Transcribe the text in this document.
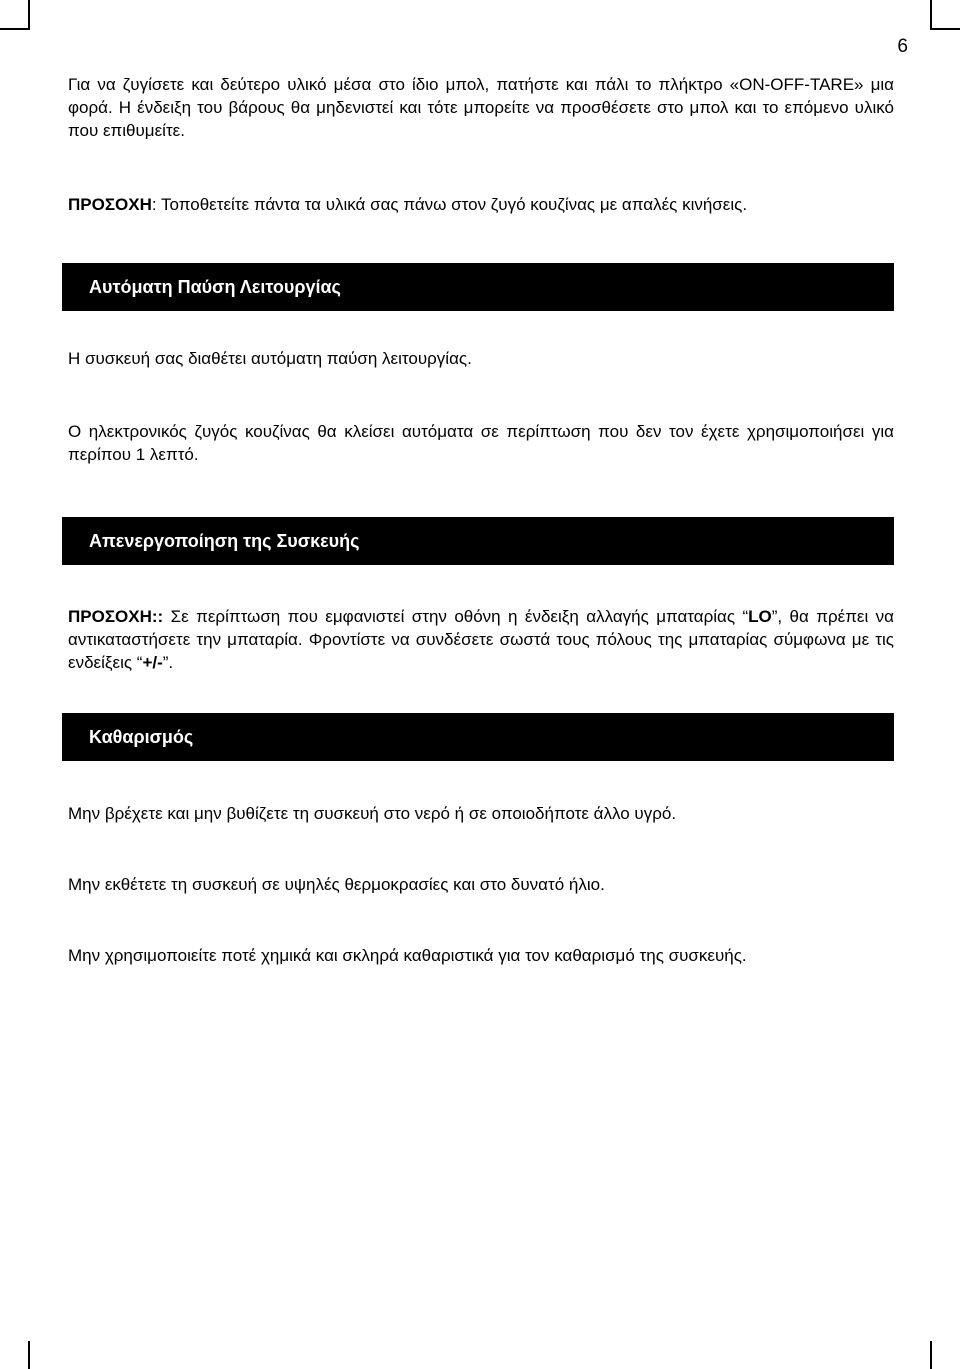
6

Για να ζυγίσετε και δεύτερο υλικό μέσα στο ίδιο μπολ, πατήστε και πάλι το πλήκτρο «ON-OFF-TARE» μια φορά. Η ένδειξη του βάρους θα μηδενιστεί και τότε μπορείτε να προσθέσετε στο μπολ και το επόμενο υλικό που επιθυμείτε.

ΠΡΟΣΟΧΗ: Τοποθετείτε πάντα τα υλικά σας πάνω στον ζυγό κουζίνας με απαλές κινήσεις.

Αυτόματη Παύση Λειτουργίας

Η συσκευή σας διαθέτει αυτόματη παύση λειτουργίας.

Ο ηλεκτρονικός ζυγός κουζίνας θα κλείσει αυτόματα σε περίπτωση που δεν τον έχετε χρησιμοποιήσει για περίπου 1 λεπτό.

Απενεργοποίηση της Συσκευής

ΠΡΟΣΟΧΗ:: Σε περίπτωση που εμφανιστεί στην οθόνη η ένδειξη αλλαγής μπαταρίας “LO”, θα πρέπει να αντικαταστήσετε την μπαταρία. Φροντίστε να συνδέσετε σωστά τους πόλους της μπαταρίας σύμφωνα με τις ενδείξεις “+/-”.

Καθαρισμός

Μην βρέχετε και μην βυθίζετε τη συσκευή στο νερό ή σε οποιοδήποτε άλλο υγρό.

Μην εκθέτετε τη συσκευή σε υψηλές θερμοκρασίες και στο δυνατό ήλιο.

Μην χρησιμοποιείτε ποτέ χημικά και σκληρά καθαριστικά για τον καθαρισμό της συσκευής.
